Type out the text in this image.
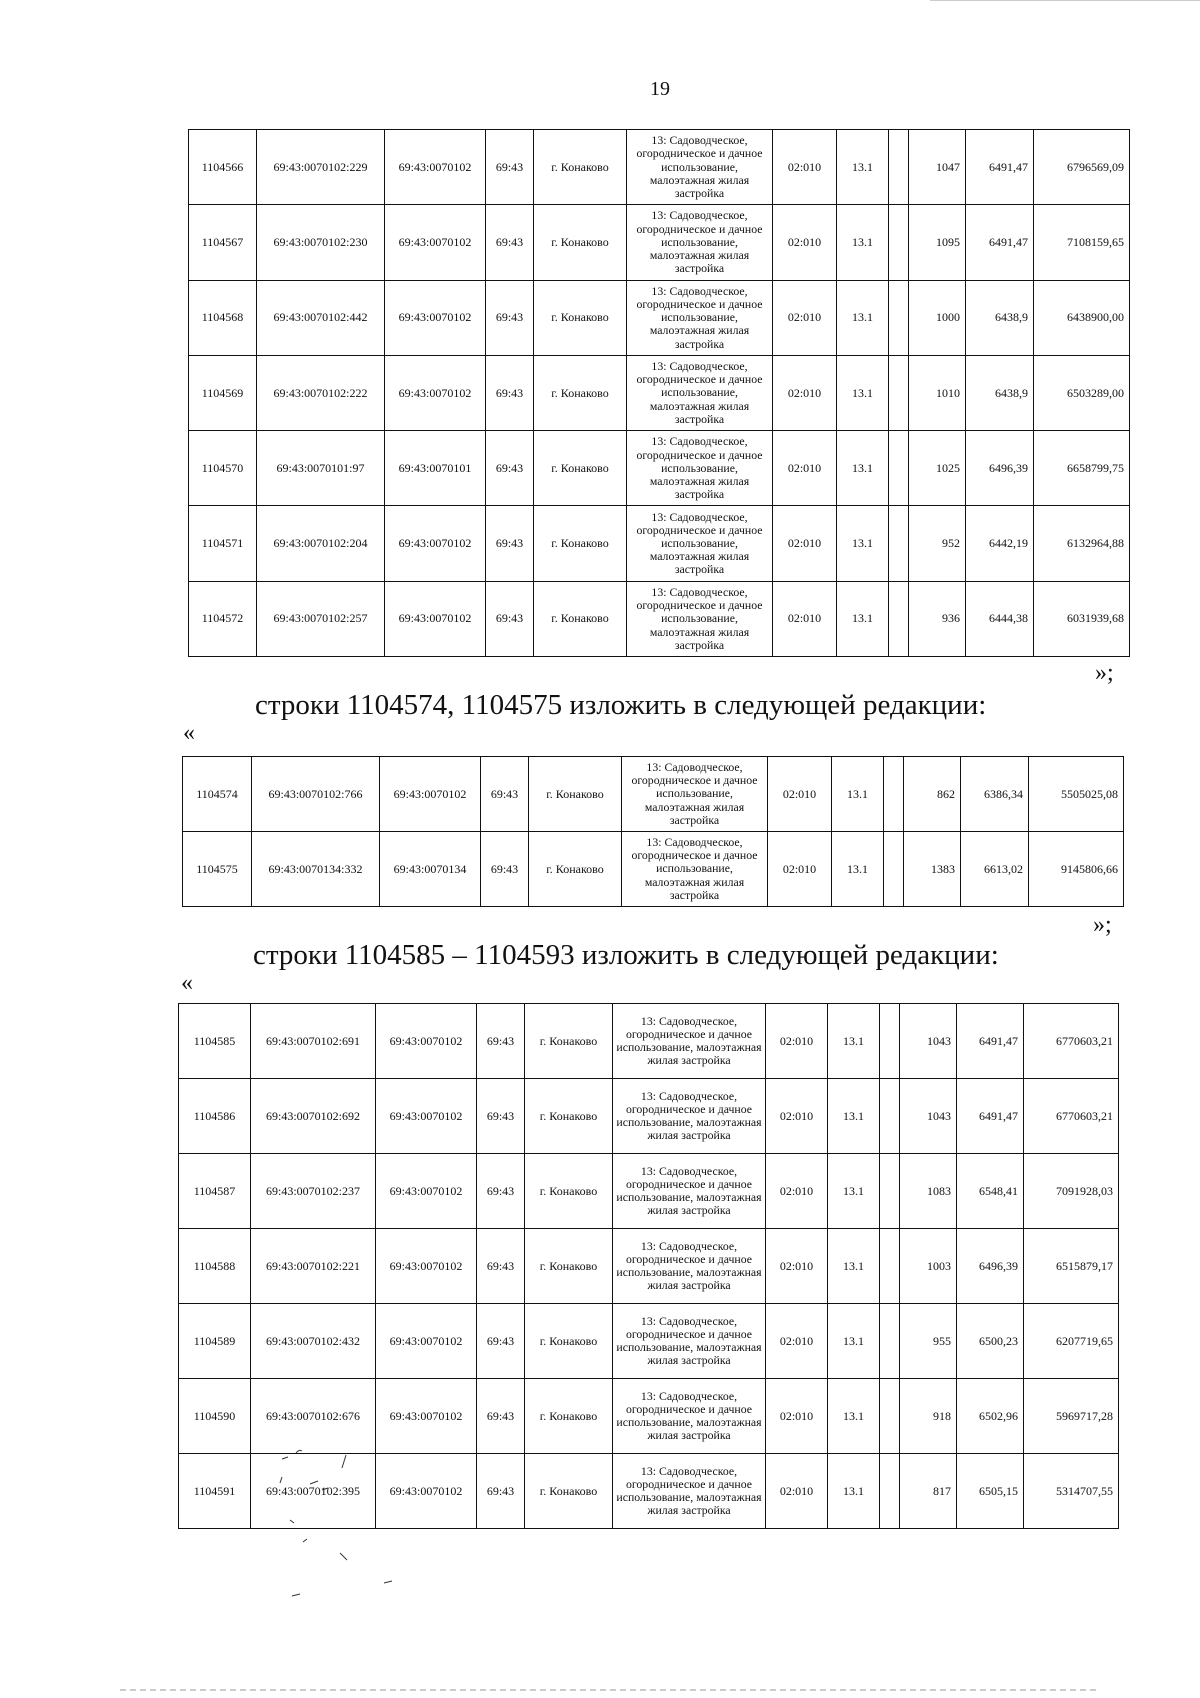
19
1104566	69:43:0070102:229	69:43:0070102	69:43	г. Конаково	13: Садоводческое, огородническое и дачное использование, малоэтажная жилая застройка	02:010	13.1		1047	6491,47	6796569,09
1104567	69:43:0070102:230	69:43:0070102	69:43	г. Конаково	13: Садоводческое, огородническое и дачное использование, малоэтажная жилая застройка	02:010	13.1		1095	6491,47	7108159,65
1104568	69:43:0070102:442	69:43:0070102	69:43	г. Конаково	13: Садоводческое, огородническое и дачное использование, малоэтажная жилая застройка	02:010	13.1		1000	6438,9	6438900,00
1104569	69:43:0070102:222	69:43:0070102	69:43	г. Конаково	13: Садоводческое, огородническое и дачное использование, малоэтажная жилая застройка	02:010	13.1		1010	6438,9	6503289,00
1104570	69:43:0070101:97	69:43:0070101	69:43	г. Конаково	13: Садоводческое, огородническое и дачное использование, малоэтажная жилая застройка	02:010	13.1		1025	6496,39	6658799,75
1104571	69:43:0070102:204	69:43:0070102	69:43	г. Конаково	13: Садоводческое, огородническое и дачное использование, малоэтажная жилая застройка	02:010	13.1		952	6442,19	6132964,88
1104572	69:43:0070102:257	69:43:0070102	69:43	г. Конаково	13: Садоводческое, огородническое и дачное использование, малоэтажная жилая застройка	02:010	13.1		936	6444,38	6031939,68
»;
строки 1104574, 1104575 изложить в следующей редакции:
«
1104574	69:43:0070102:766	69:43:0070102	69:43	г. Конаково	13: Садоводческое, огородническое и дачное использование, малоэтажная жилая застройка	02:010	13.1		862	6386,34	5505025,08
1104575	69:43:0070134:332	69:43:0070134	69:43	г. Конаково	13: Садоводческое, огородническое и дачное использование, малоэтажная жилая застройка	02:010	13.1		1383	6613,02	9145806,66
»;
строки 1104585 – 1104593 изложить в следующей редакции:
«
1104585	69:43:0070102:691	69:43:0070102	69:43	г. Конаково	13: Садоводческое, огородническое и дачное использование, малоэтажная жилая застройка	02:010	13.1		1043	6491,47	6770603,21
1104586	69:43:0070102:692	69:43:0070102	69:43	г. Конаково	13: Садоводческое, огородническое и дачное использование, малоэтажная жилая застройка	02:010	13.1		1043	6491,47	6770603,21
1104587	69:43:0070102:237	69:43:0070102	69:43	г. Конаково	13: Садоводческое, огородническое и дачное использование, малоэтажная жилая застройка	02:010	13.1		1083	6548,41	7091928,03
1104588	69:43:0070102:221	69:43:0070102	69:43	г. Конаково	13: Садоводческое, огородническое и дачное использование, малоэтажная жилая застройка	02:010	13.1		1003	6496,39	6515879,17
1104589	69:43:0070102:432	69:43:0070102	69:43	г. Конаково	13: Садоводческое, огородническое и дачное использование, малоэтажная жилая застройка	02:010	13.1		955	6500,23	6207719,65
1104590	69:43:0070102:676	69:43:0070102	69:43	г. Конаково	13: Садоводческое, огородническое и дачное использование, малоэтажная жилая застройка	02:010	13.1		918	6502,96	5969717,28
1104591	69:43:0070102:395	69:43:0070102	69:43	г. Конаково	13: Садоводческое, огородническое и дачное использование, малоэтажная жилая застройка	02:010	13.1		817	6505,15	5314707,55
